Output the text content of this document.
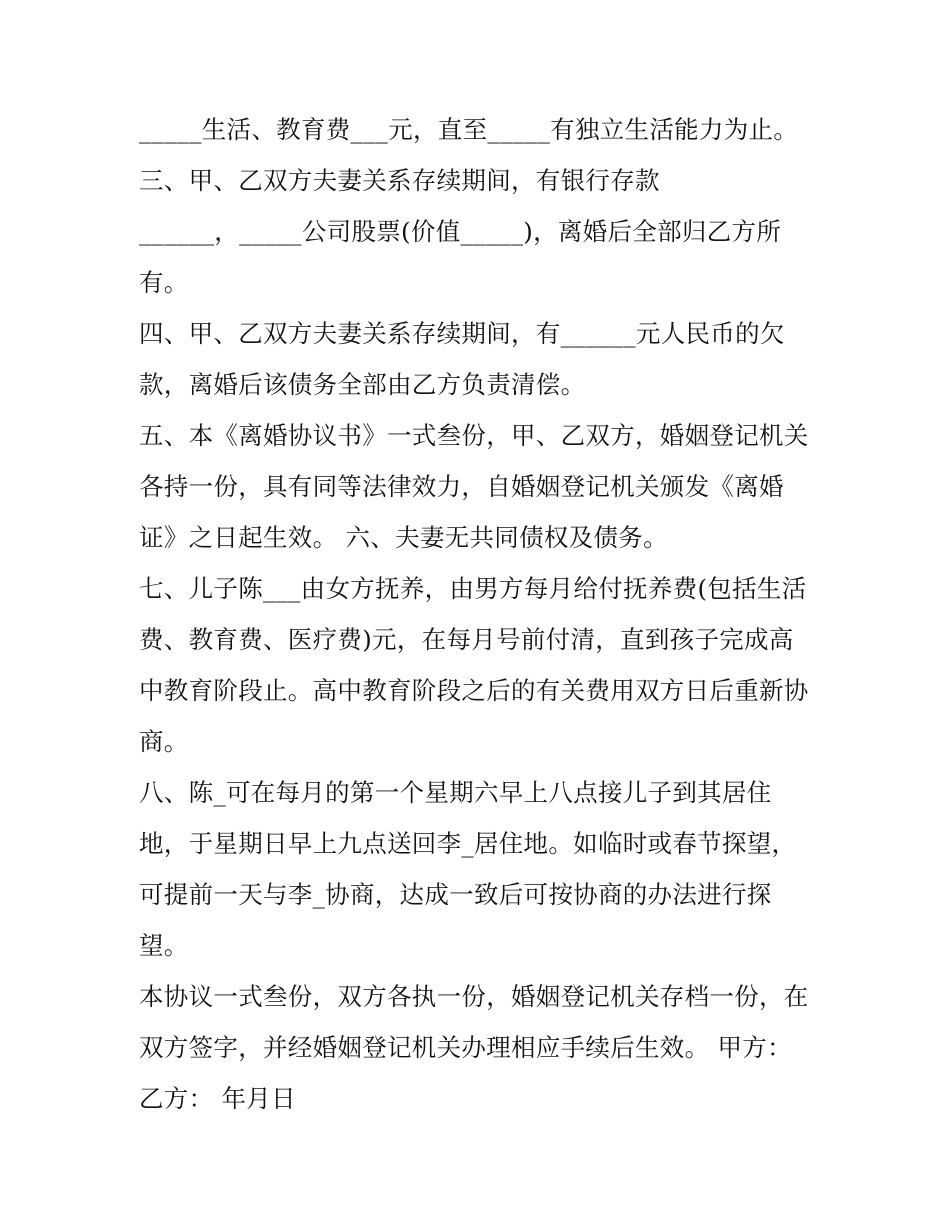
_____生活、教育费___元，直至_____有独立生活能力为止。
三、甲、乙双方夫妻关系存续期间，有银行存款
______，_____公司股票(价值_____)，离婚后全部归乙方所
有。
四、甲、乙双方夫妻关系存续期间，有______元人民币的欠
款，离婚后该债务全部由乙方负责清偿。
五、本《离婚协议书》一式叁份，甲、乙双方，婚姻登记机关
各持一份，具有同等法律效力，自婚姻登记机关颁发《离婚
证》之日起生效。 六、夫妻无共同债权及债务。
七、儿子陈___由女方抚养，由男方每月给付抚养费(包括生活
费、教育费、医疗费)元，在每月号前付清，直到孩子完成高
中教育阶段止。高中教育阶段之后的有关费用双方日后重新协
商。
八、陈_可在每月的第一个星期六早上八点接儿子到其居住
地，于星期日早上九点送回李_居住地。如临时或春节探望，
可提前一天与李_协商，达成一致后可按协商的办法进行探
望。
本协议一式叁份，双方各执一份，婚姻登记机关存档一份，在
双方签字，并经婚姻登记机关办理相应手续后生效。 甲方：
乙方： 年月日
